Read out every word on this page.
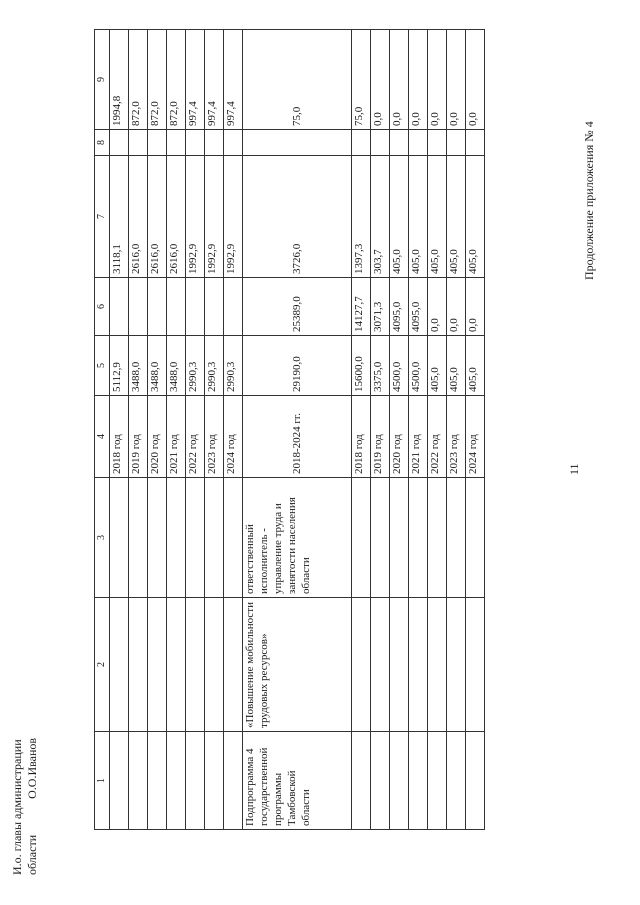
11
Продолжение приложения № 4
1	2	3	4	5	6	7	8	9
			2018 год	5112,9		3118,1		1994,8
			2019 год	3488,0		2616,0		872,0
			2020 год	3488,0		2616,0		872,0
			2021 год	3488,0		2616,0		872,0
			2022 год	2990,3		1992,9		997,4
			2023 год	2990,3		1992,9		997,4
			2024 год	2990,3		1992,9		997,4
Подпрограмма 4 государственной программы Тамбовской области	«Повышение мобильности трудовых ресурсов»	ответственный исполнитель - управление труда и занятости населения области	2018-2024 гг.	29190,0	25389,0	3726,0		75,0
			2018 год	15600,0	14127,7	1397,3		75,0
			2019 год	3375,0	3071,3	303,7		0,0
			2020 год	4500,0	4095,0	405,0		0,0
			2021 год	4500,0	4095,0	405,0		0,0
			2022 год	405,0	0,0	405,0		0,0
			2023 год	405,0	0,0	405,0		0,0
			2024 год	405,0	0,0	405,0		0,0
И.о. главы администрации области
О.О.Иванов
